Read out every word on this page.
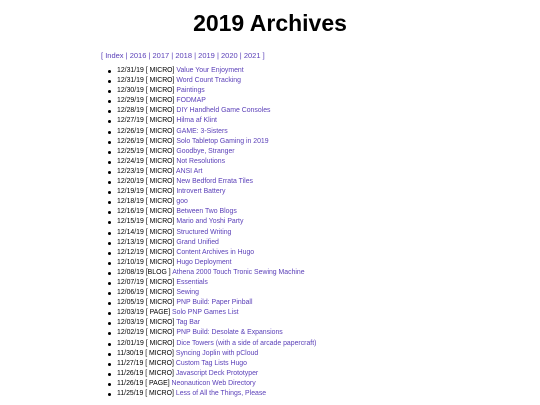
2019 Archives
[ Index | 2016 | 2017 | 2018 | 2019 | 2020 | 2021 ]
12/31/19 [ MICRO] Value Your Enjoyment
12/31/19 [ MICRO] Word Count Tracking
12/30/19 [ MICRO] Paintings
12/29/19 [ MICRO] FODMAP
12/28/19 [ MICRO] DIY Handheld Game Consoles
12/27/19 [ MICRO] Hilma af Klint
12/26/19 [ MICRO] GAME: 3-Sisters
12/26/19 [ MICRO] Solo Tabletop Gaming in 2019
12/25/19 [ MICRO] Goodbye, Stranger
12/24/19 [ MICRO] Not Resolutions
12/23/19 [ MICRO] ANSI Art
12/20/19 [ MICRO] New Bedford Errata Tiles
12/19/19 [ MICRO] Introvert Battery
12/18/19 [ MICRO] goo
12/16/19 [ MICRO] Between Two Blogs
12/15/19 [ MICRO] Mario and Yoshi Party
12/14/19 [ MICRO] Structured Writing
12/13/19 [ MICRO] Grand Unified
12/12/19 [ MICRO] Content Archives in Hugo
12/10/19 [ MICRO] Hugo Deployment
12/08/19 [BLOG ] Athena 2000 Touch Tronic Sewing Machine
12/07/19 [ MICRO] Essentials
12/06/19 [ MICRO] Sewing
12/05/19 [ MICRO] PNP Build: Paper Pinball
12/03/19 [ PAGE] Solo PNP Games List
12/03/19 [ MICRO] Tag Bar
12/02/19 [ MICRO] PNP Build: Desolate & Expansions
12/01/19 [ MICRO] Dice Towers (with a side of arcade papercraft)
11/30/19 [ MICRO] Syncing Joplin with pCloud
11/27/19 [ MICRO] Custom Tag Lists Hugo
11/26/19 [ MICRO] Javascript Deck Prototyper
11/26/19 [ PAGE] Neonauticon Web Directory
11/25/19 [ MICRO] Less of All the Things, Please
